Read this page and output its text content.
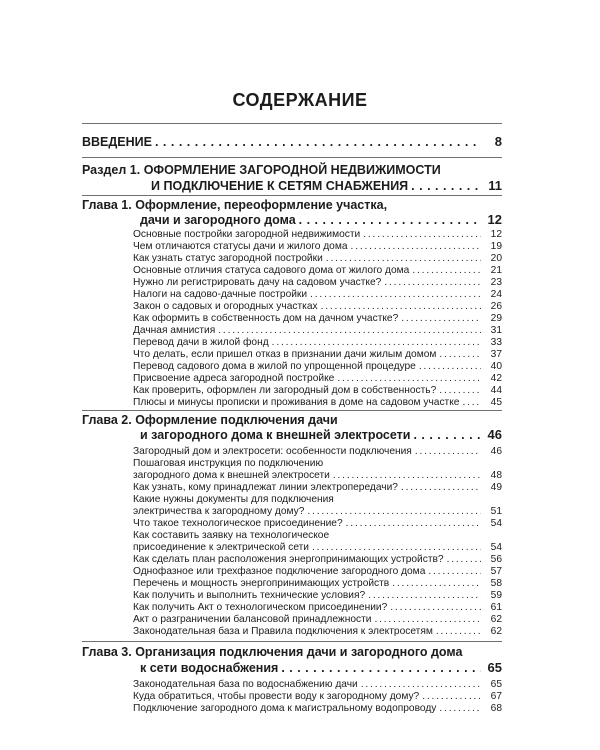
СОДЕРЖАНИЕ
ВВЕДЕНИЕ . . .	8
Раздел 1. ОФОРМЛЕНИЕ ЗАГОРОДНОЙ НЕДВИЖИМОСТИ
И ПОДКЛЮЧЕНИЕ К СЕТЯМ СНАБЖЕНИЯ . . .	11
Глава 1. Оформление, переоформление участка,
дачи и загородного дома . . .	12
Основные постройки загородной недвижимости . . .	12
Чем отличаются статусы дачи и жилого дома . . .	19
Как узнать статус загородной постройки . . .	20
Основные отличия статуса садового дома от жилого дома . . .	21
Нужно ли регистрировать дачу на садовом участке? . . .	23
Налоги на садово-дачные постройки . . .	24
Закон о садовых и огородных участках . . .	26
Как оформить в собственность дом на дачном участке? . . .	29
Дачная амнистия . . .	31
Перевод дачи в жилой фонд . . .	33
Что делать, если пришел отказ в признании дачи жилым домом . . .	37
Перевод садового дома в жилой по упрощенной процедуре . . .	40
Присвоение адреса загородной постройке . . .	42
Как проверить, оформлен ли загородный дом в собственность? . . .	44
Плюсы и минусы прописки и проживания в доме на садовом участке . . .	45
Глава 2. Оформление подключения дачи
и загородного дома к внешней электросети . . .	46
Загородный дом и электросети: особенности подключения . . .	46
Пошаговая инструкция по подключению
загородного дома к внешней электросети . . .	48
Как узнать, кому принадлежат линии электропередачи? . . .	49
Какие нужны документы для подключения
электричества к загородному дому? . . .	51
Что такое технологическое присоединение? . . .	54
Как составить заявку на технологическое
присоединение к электрической сети . . .	54
Как сделать план расположения энергопринимающих устройств? . . .	56
Однофазное или трехфазное подключение загородного дома . . .	57
Перечень и мощность энергопринимающих устройств . . .	58
Как получить и выполнить технические условия? . . .	59
Как получить Акт о технологическом присоединении? . . .	61
Акт о разграничении балансовой принадлежности . . .	62
Законодательная база и Правила подключения к электросетям . . .	62
Глава 3. Организация подключения дачи и загородного дома
к сети водоснабжения . . .	65
Законодательная база по водоснабжению дачи . . .	65
Куда обратиться, чтобы провести воду к загородному дому? . . .	67
Подключение загородного дома к магистральному водопроводу . . .	68
